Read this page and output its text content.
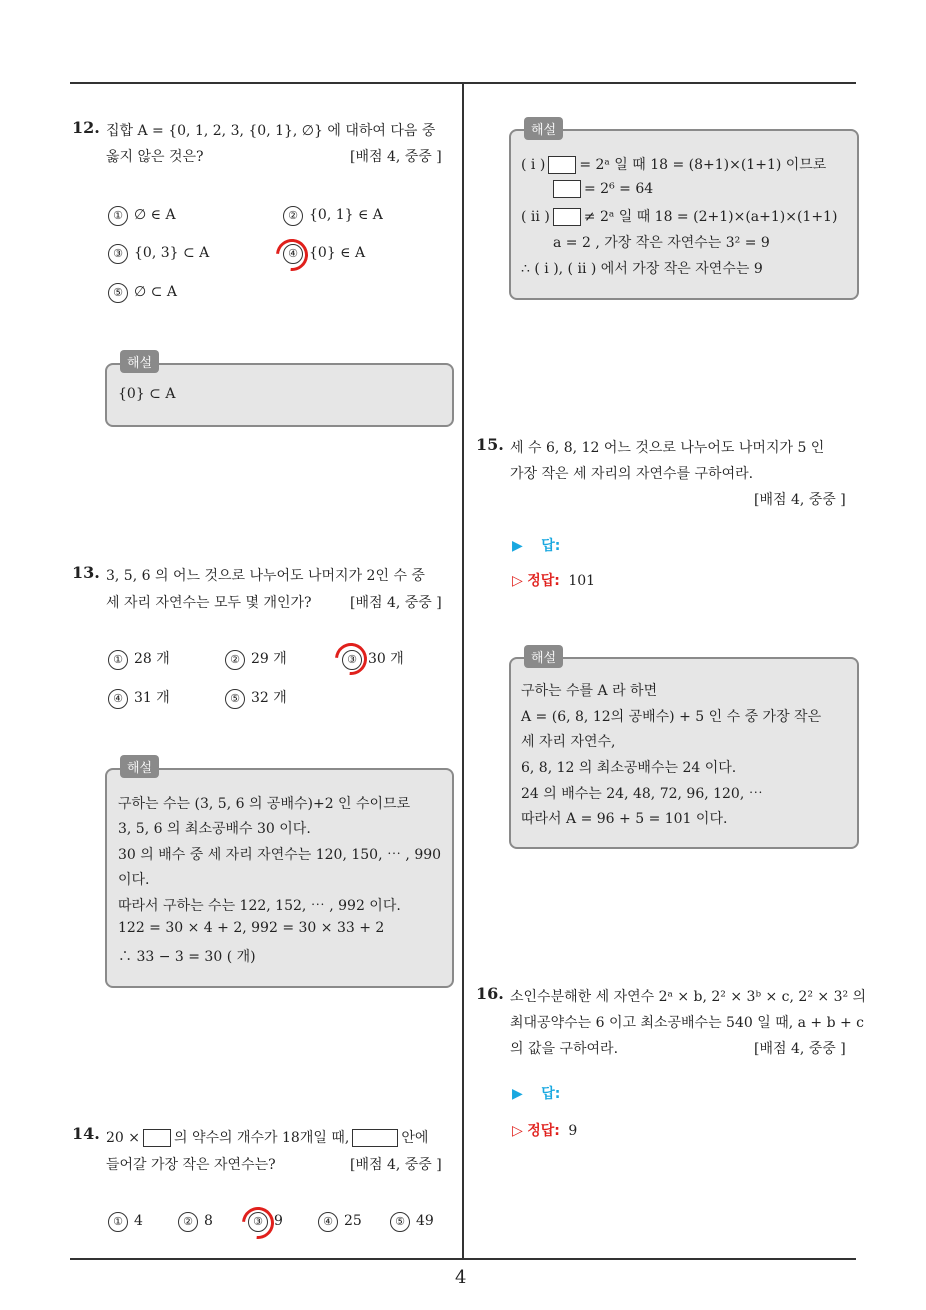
4
12. 집합 A = {0, 1, 2, 3, {0, 1}, ∅} 에 대하여 다음 중
옳지 않은 것은?	[배점 4, 중중 ]
① ∅ ∈ A	② {0, 1} ∈ A
③ {0, 3} ⊂ A	④ {0} ∈ A
⑤ ∅ ⊂ A
해설
{0} ⊂ A
13. 3, 5, 6 의 어느 것으로 나누어도 나머지가 2인 수 중
세 자리 자연수는 모두 몇 개인가?	[배점 4, 중중 ]
① 28 개	② 29 개	③ 30 개
④ 31 개	⑤ 32 개
해설
구하는 수는 (3, 5, 6 의 공배수)+2 인 수이므로
3, 5, 6 의 최소공배수 30 이다.
30 의 배수 중 세 자리 자연수는 120, 150, ⋯ , 990
이다.
따라서 구하는 수는 122, 152, ⋯ , 992 이다.
122 = 30 × 4 + 2, 992 = 30 × 33 + 2
∴ 33 − 3 = 30 ( 개)
14. 20 × 의 약수의 개수가 18개일 때,	안에
들어갈 가장 작은 자연수는?	[배점 4, 중중 ]
① 4	② 8	③ 9	④ 25	⑤ 49
해설
( i ) = 2ᵃ 일 때 18 = (8+1)×(1+1) 이므로
= 2⁶ = 64
( ii ) ≠ 2ᵃ 일 때 18 = (2+1)×(a+1)×(1+1)
a = 2 , 가장 작은 자연수는 3² = 9
∴ ( i ), ( ii ) 에서 가장 작은 자연수는 9
15. 세 수 6, 8, 12 어느 것으로 나누어도 나머지가 5 인
가장 작은 세 자리의 자연수를 구하여라.
[배점 4, 중중 ]
▶ 답:
▷ 정답: 101
해설
구하는 수를 A 라 하면
A = (6, 8, 12의 공배수) + 5 인 수 중 가장 작은
세 자리 자연수,
6, 8, 12 의 최소공배수는 24 이다.
24 의 배수는 24, 48, 72, 96, 120, ⋯
따라서 A = 96 + 5 = 101 이다.
16. 소인수분해한 세 자연수 2ᵃ × b, 2² × 3ᵇ × c, 2² × 3² 의
최대공약수는 6 이고 최소공배수는 540 일 때, a + b + c
의 값을 구하여라.	[배점 4, 중중 ]
▶ 답:
▷ 정답: 9
